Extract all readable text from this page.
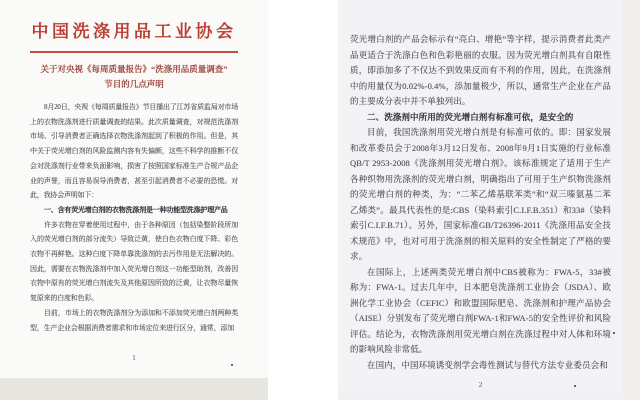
中国洗涤用品工业协会
关于对央视《每周质量报告》“洗涤用品质量调查”
节目的几点声明

8月20日，央视《每周质量报告》节目播出了江苏省质监局对市场上的衣物洗涤剂进行质量调查的结果。此次质量调查，对规范洗涤剂市场、引导消费者正确选择衣物洗涤剂起到了积极的作用。但是，其中关于荧光增白剂的风险监测内容有失偏颇，这些不科学的推断不仅会对洗涤剂行业带来负面影响，损害了按照国家标准生产合规产品企业的声誉，而且容易误导消费者，甚至引起消费者不必要的恐慌。对此，我协会声明如下：

一、含有荧光增白剂的衣物洗涤剂是一种功能型洗涤护理产品

许多衣物在穿着使用过程中，由于各种原因（包括染整阶段所加入的荧光增白剂的部分流失）导致泛黄，使白色衣物白度下降、彩色衣物不再鲜艳。这种白度下降单靠洗涤剂的去污作用是无法解决的。因此，需要在衣物洗涤剂中加入荧光增白剂这一功能型助剂，改善因衣物中原有的荧光增白剂流失及其他原因所致的泛黄，让衣物尽量恢复原来的白度和色彩。

目前，市场上的衣物洗涤剂分为添加和不添加荧光增白剂两种类型，生产企业会根据消费者需求和市场定位来进行区分，通常，添加

1

荧光增白剂的产品会标示有“亮白、增艳”等字样，提示消费者此类产品更适合于洗涤白色和色彩艳丽的衣服。因为荧光增白剂具有自限性质，即添加多了不仅达不到效果反而有不利的作用，因此，在洗涤剂中的用量仅为0.02%-0.4%，添加量极少，所以，通常生产企业在产品的主要成分表中并不单独列出。

二、洗涤剂中所用的荧光增白剂有标准可依，是安全的

目前，我国洗涤剂用荧光增白剂是有标准可依的。即：国家发展和改革委员会于2008年3月12日发布、2008年9月1日实施的行业标准QB/T 2953-2008《洗涤剂用荧光增白剂》。该标准规定了适用于生产各种织物用洗涤剂的荧光增白剂，明确指出了可用于生产织物洗涤剂的荧光增白剂的种类，为：“二苯乙烯基联苯类”和“双三嗪氨基二苯乙烯类”。最具代表性的是:CBS（染料索引C.I.F.B.351）和33#（染料索引C.I.F.B.71）。另外，国家标准GB/T26396-2011《洗涤用品安全技术规范》中，也对可用于洗涤剂的相关原料的安全性制定了严格的要求。

在国际上，上述两类荧光增白剂中CBS被称为：FWA-5，33#被称为：FWA-1。过去几年中，日本肥皂洗涤剂工业协会（JSDA）、欧洲化学工业协会（CEFIC）和欧盟国际肥皂、洗涤剂和护理产品协会（AISE）分别发布了荧光增白剂FWA-1和FWA-5的安全性评价和风险评估。结论为，衣物洗涤剂用荧光增白剂在洗涤过程中对人体和环境的影响风险非常低。

在国内，中国环境诱变剂学会毒性测试与替代方法专业委员会和

2
